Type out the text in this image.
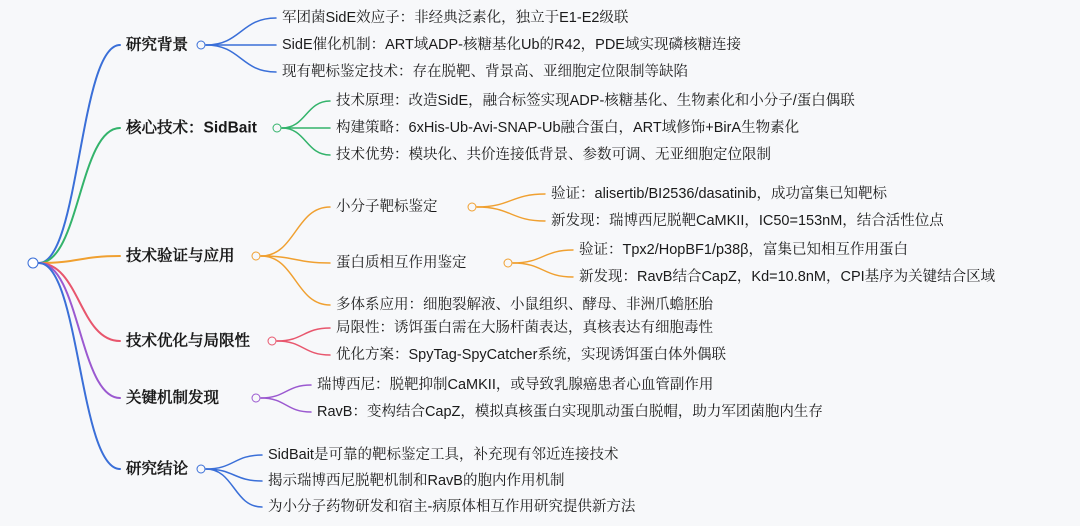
研究背景
军团菌SidE效应子：非经典泛素化，独立于E1-E2级联
SidE催化机制：ART域ADP-核糖基化Ub的R42，PDE域实现磷核糖连接
现有靶标鉴定技术：存在脱靶、背景高、亚细胞定位限制等缺陷
核心技术：SidBait
技术原理：改造SidE，融合标签实现ADP-核糖基化、生物素化和小分子/蛋白偶联
构建策略：6xHis-Ub-Avi-SNAP-Ub融合蛋白，ART域修饰+BirA生物素化
技术优势：模块化、共价连接低背景、参数可调、无亚细胞定位限制
技术验证与应用
小分子靶标鉴定
验证：alisertib/BI2536/dasatinib，成功富集已知靶标
新发现：瑞博西尼脱靶CaMKII，IC50=153nM，结合活性位点
蛋白质相互作用鉴定
验证：Tpx2/HopBF1/p38β，富集已知相互作用蛋白
新发现：RavB结合CapZ，Kd=10.8nM，CPI基序为关键结合区域
多体系应用：细胞裂解液、小鼠组织、酵母、非洲爪蟾胚胎
技术优化与局限性
局限性：诱饵蛋白需在大肠杆菌表达，真核表达有细胞毒性
优化方案：SpyTag-SpyCatcher系统，实现诱饵蛋白体外偶联
关键机制发现
瑞博西尼：脱靶抑制CaMKII，或导致乳腺癌患者心血管副作用
RavB：变构结合CapZ，模拟真核蛋白实现肌动蛋白脱帽，助力军团菌胞内生存
研究结论
SidBait是可靠的靶标鉴定工具，补充现有邻近连接技术
揭示瑞博西尼脱靶机制和RavB的胞内作用机制
为小分子药物研发和宿主-病原体相互作用研究提供新方法
